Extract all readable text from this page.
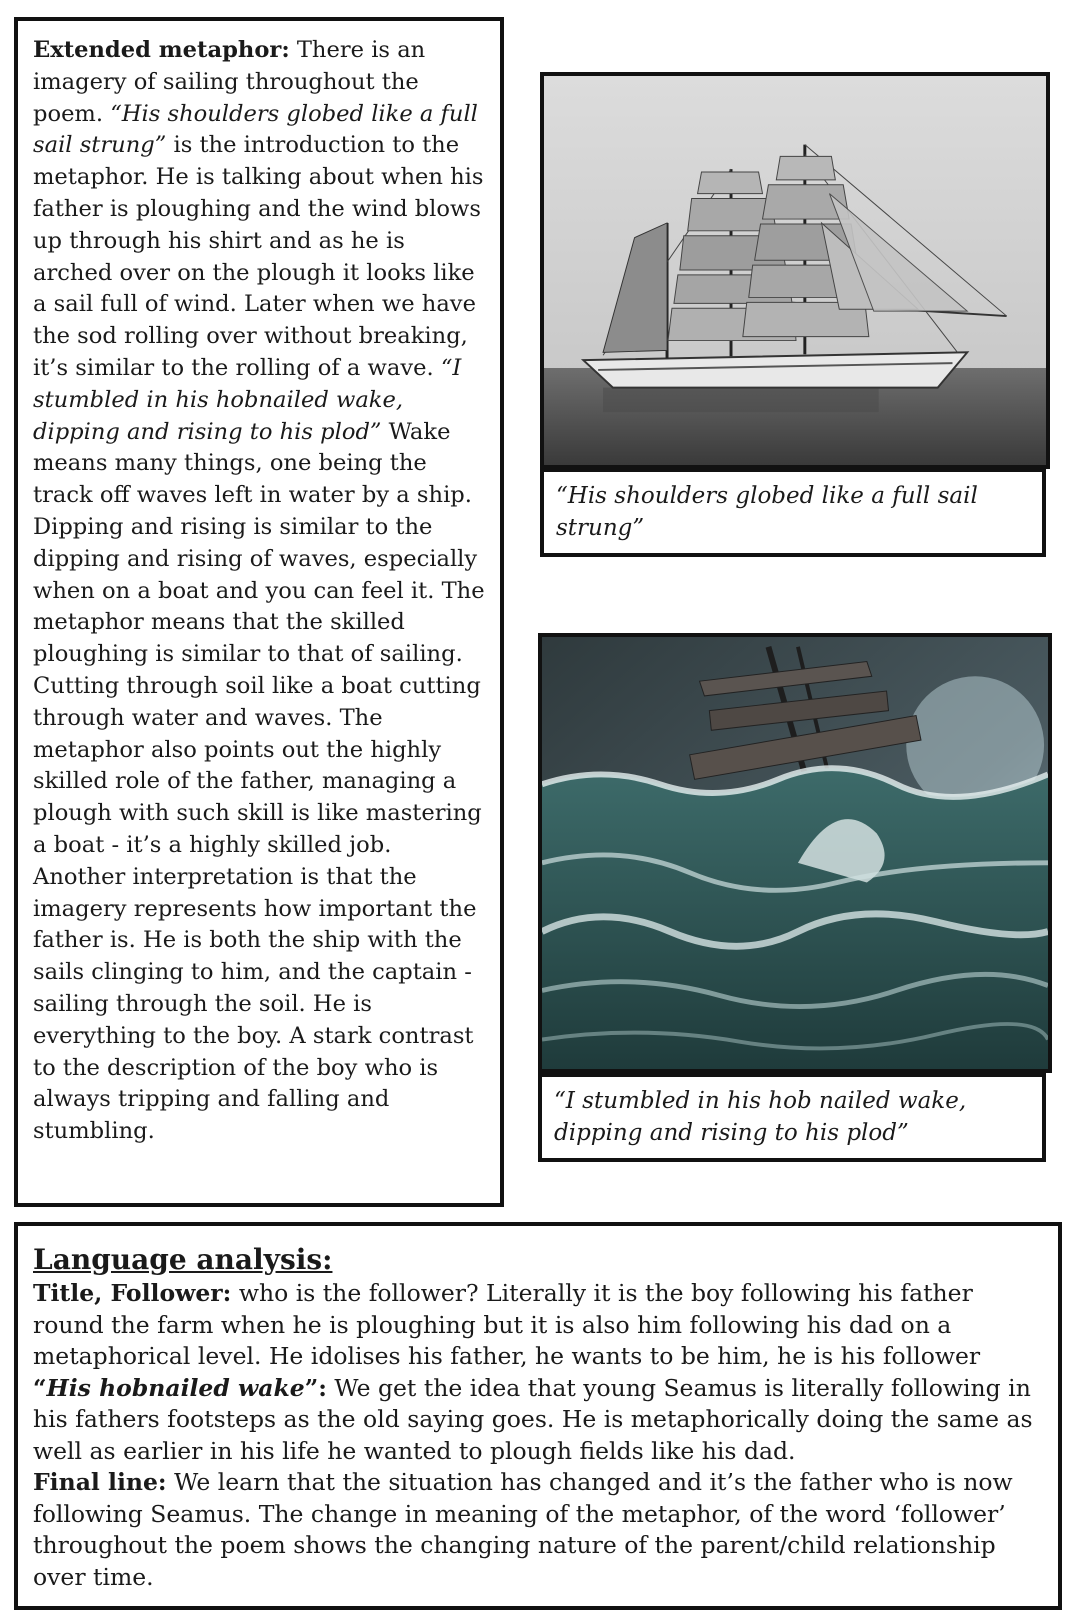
Extended metaphor: There is an imagery of sailing throughout the poem. “His shoulders globed like a full sail strung” is the introduction to the metaphor. He is talking about when his father is ploughing and the wind blows up through his shirt and as he is arched over on the plough it looks like a sail full of wind. Later when we have the sod rolling over without breaking, it’s similar to the rolling of a wave. “I stumbled in his hobnailed wake, dipping and rising to his plod” Wake means many things, one being the track off waves left in water by a ship. Dipping and rising is similar to the dipping and rising of waves, especially when on a boat and you can feel it. The metaphor means that the skilled ploughing is similar to that of sailing. Cutting through soil like a boat cutting through water and waves. The metaphor also points out the highly skilled role of the father, managing a plough with such skill is like mastering a boat - it’s a highly skilled job. Another interpretation is that the imagery represents how important the father is. He is both the ship with the sails clinging to him, and the captain - sailing through the soil. He is everything to the boy. A stark contrast to the description of the boy who is always tripping and falling and stumbling.

“His shoulders globed like a full sail strung”
“I stumbled in his hob nailed wake, dipping and rising to his plod”

Language analysis:

Title, Follower: who is the follower? Literally it is the boy following his father round the farm when he is ploughing but it is also him following his dad on a metaphorical level. He idolises his father, he wants to be him, he is his follower

“His hobnailed wake”: We get the idea that young Seamus is literally following in his fathers footsteps as the old saying goes. He is metaphorically doing the same as well as earlier in his life he wanted to plough fields like his dad.

Final line: We learn that the situation has changed and it’s the father who is now following Seamus. The change in meaning of the metaphor, of the word ‘follower’ throughout the poem shows the changing nature of the parent/child relationship over time.
